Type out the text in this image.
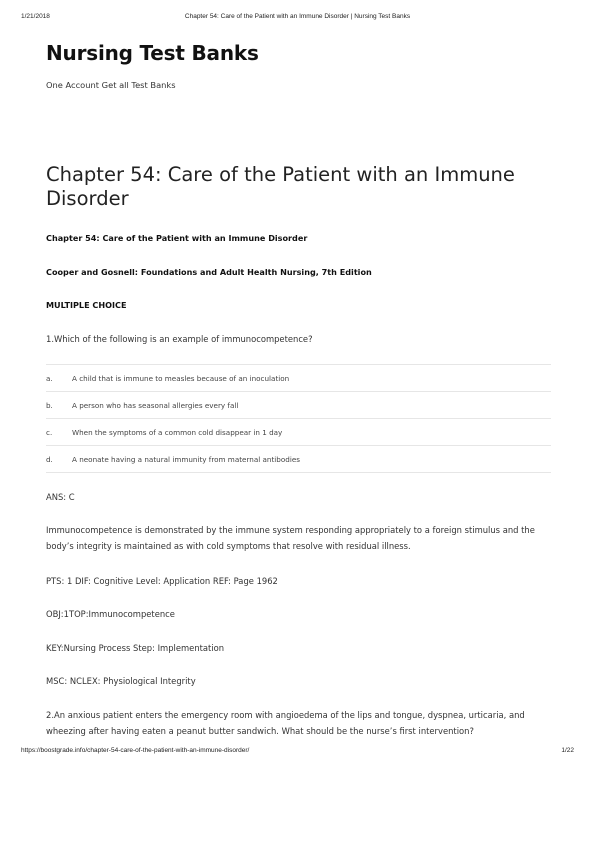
1/21/2018	Chapter 54: Care of the Patient with an Immune Disorder | Nursing Test Banks
Nursing Test Banks
One Account Get all Test Banks
Chapter 54: Care of the Patient with an Immune Disorder
Chapter 54: Care of the Patient with an Immune Disorder
Cooper and Gosnell: Foundations and Adult Health Nursing, 7th Edition
MULTIPLE CHOICE
1.Which of the following is an example of immunocompetence?
a.	A child that is immune to measles because of an inoculation
b.	A person who has seasonal allergies every fall
c.	When the symptoms of a common cold disappear in 1 day
d.	A neonate having a natural immunity from maternal antibodies
ANS: C
Immunocompetence is demonstrated by the immune system responding appropriately to a foreign stimulus and the body’s integrity is maintained as with cold symptoms that resolve with residual illness.
PTS: 1 DIF: Cognitive Level: Application REF: Page 1962
OBJ:1TOP:Immunocompetence
KEY:Nursing Process Step: Implementation
MSC: NCLEX: Physiological Integrity
2.An anxious patient enters the emergency room with angioedema of the lips and tongue, dyspnea, urticaria, and wheezing after having eaten a peanut butter sandwich. What should be the nurse’s first intervention?
https://boostgrade.info/chapter-54-care-of-the-patient-with-an-immune-disorder/	1/22
